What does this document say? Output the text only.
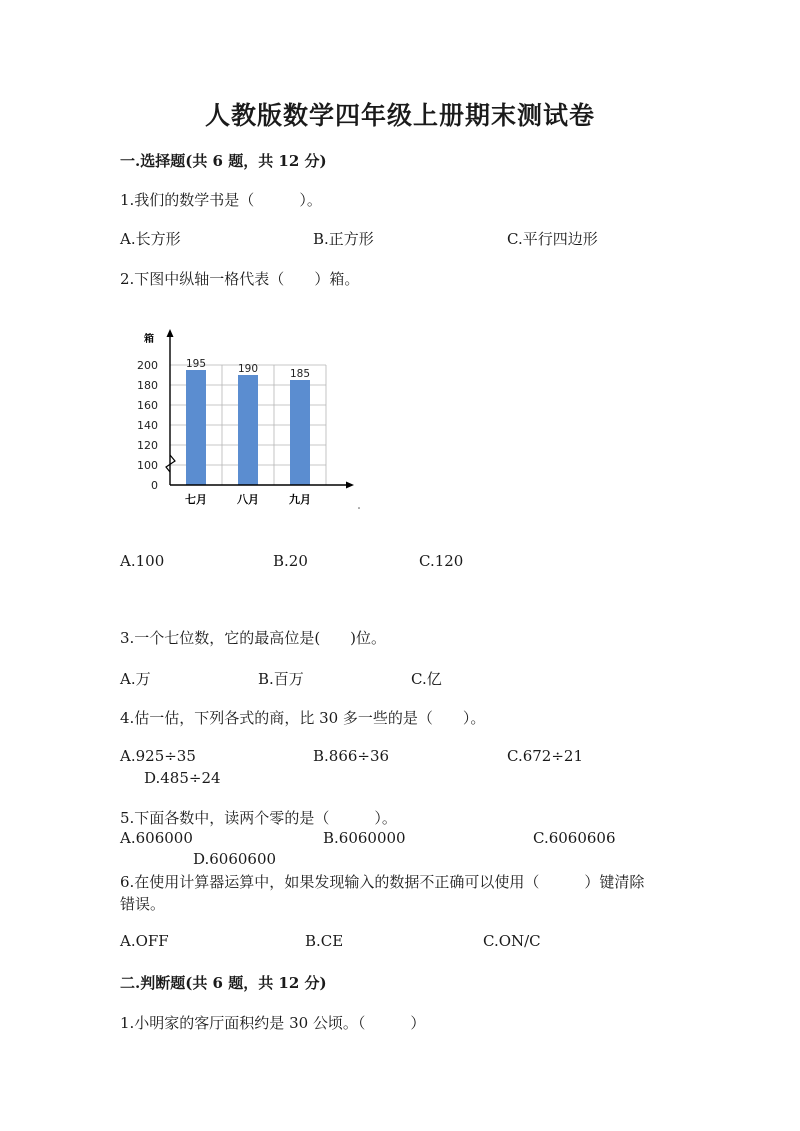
人教版数学四年级上册期末测试卷
一.选择题(共 6 题，共 12 分)
1.我们的数学书是（　　　）。
A.长方形	B.正方形	C.平行四边形
2.下图中纵轴一格代表（　　）箱。
箱
0
100
120
140
160
180
200	195	190	185
七月	八月	九月
A.100	B.20	C.120
3.一个七位数，它的最高位是(　　)位。
A.万	B.百万	C.亿
4.估一估，下列各式的商，比 30 多一些的是（　　）。
A.925÷35	B.866÷36	C.672÷21
D.485÷24
5.下面各数中，读两个零的是（　　　）。
A.606000	B.6060000	C.6060606
D.6060600
6.在使用计算器运算中，如果发现输入的数据不正确可以使用（　　　）键清除
错误。
A.OFF	B.CE	C.ON/C
二.判断题(共 6 题，共 12 分)
1.小明家的客厅面积约是 30 公顷。（　　　）
